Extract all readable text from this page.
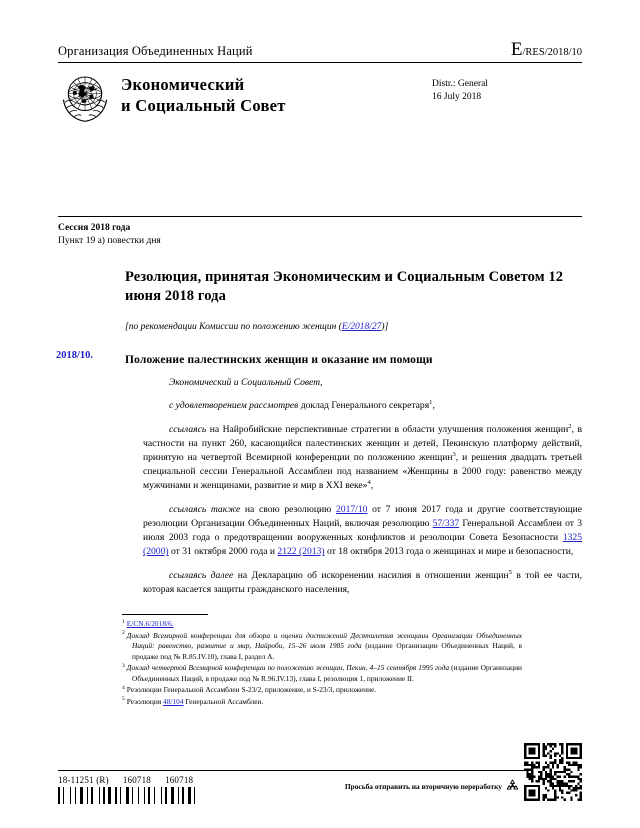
Организация Объединенных Наций	E/RES/2018/10
Экономический
и Социальный Совет
Distr.: General
16 July 2018
Сессия 2018 года
Пункт 19 a) повестки дня
Резолюция, принятая Экономическим и Социальным Советом 12 июня 2018 года
[по рекомендации Комиссии по положению женщин (E/2018/27)]
2018/10.	Положение палестинских женщин и оказание им помощи

Экономический и Социальный Совет,

с удовлетворением рассмотрев доклад Генерального секретаря$^1$,

ссылаясь на Найробийские перспективные стратегии в области улучшения положения женщин$^2$, в частности на пункт 260, касающийся палестинских женщин и детей, Пекинскую платформу действий, принятую на четвертой Всемирной конференции по положению женщин$^3$, и решения двадцать третьей специальной сессии Генеральной Ассамблеи под названием «Женщины в 2000 году: равенство между мужчинами и женщинами, развитие и мир в XXI веке»$^4$,

ссылаясь также на свою резолюцию 2017/10 от 7 июня 2017 года и другие соответствующие резолюции Организации Объединенных Наций, включая резолюцию 57/337 Генеральной Ассамблеи от 3 июля 2003 года о предотвращении вооруженных конфликтов и резолюции Совета Безопасности 1325 (2000) от 31 октября 2000 года и 2122 (2013) от 18 октября 2013 года о женщинах и мире и безопасности,

ссылаясь далее на Декларацию об искоренении насилия в отношении женщин$^5$ в той ее части, которая касается защиты гражданского населения,

$^1$ E/CN.6/2018/6.
$^2$ Доклад Всемирной конференции для обзора и оценки достижений Десятилетия женщины Организации Объединенных Наций: равенство, развитие и мир, Найроби, 15–26 июля 1985 года (издание Организации Объединенных Наций, в продаже под № R.85.IV.10), глава I, раздел A.
$^3$ Доклад четвертой Всемирной конференции по положению женщин, Пекин, 4–15 сентября 1995 года (издание Организации Объединенных Наций, в продаже под № R.96.IV.13), глава I, резолюция 1, приложение II.
$^4$ Резолюции Генеральной Ассамблеи S-23/2, приложение, и S-23/3, приложение.
$^5$ Резолюция 48/104 Генеральной Ассамблеи.
18-11251 (R) 160718 160718
Просьба отправить на вторичную переработку
